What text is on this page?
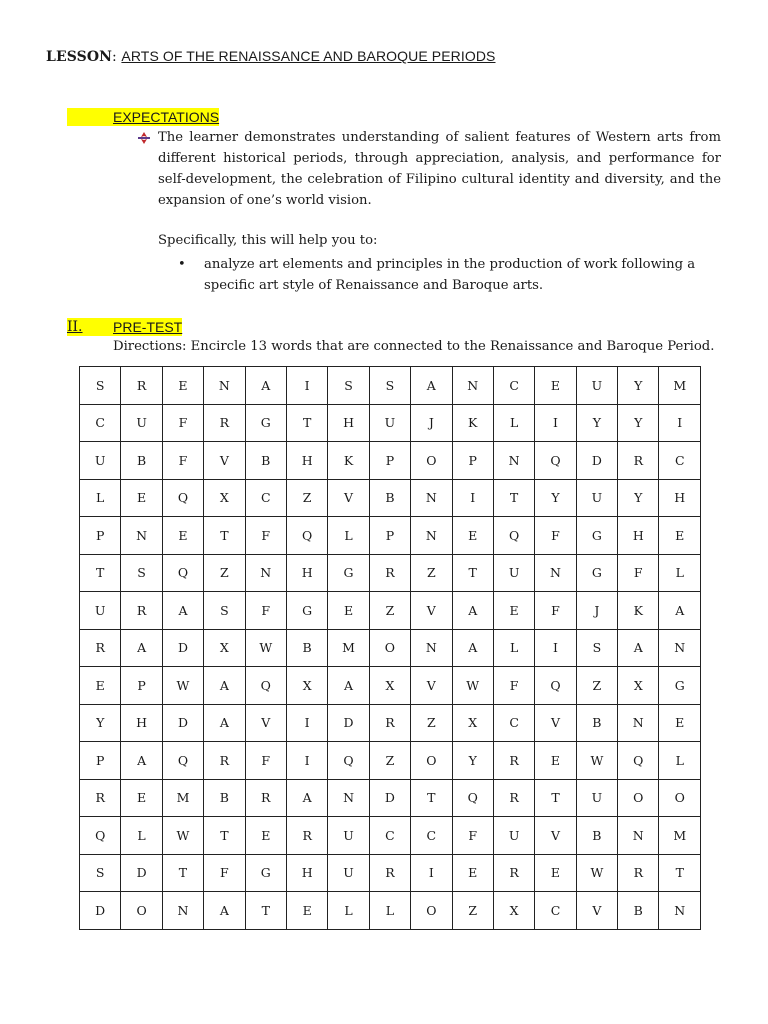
LESSON: ARTS OF THE RENAISSANCE AND BAROQUE PERIODS
EXPECTATIONS
The learner demonstrates understanding of salient features of Western arts from different historical periods, through appreciation, analysis, and performance for self-development, the celebration of Filipino cultural identity and diversity, and the expansion of one’s world vision.
Specifically, this will help you to:
•	analyze art elements and principles in the production of work following a specific art style of Renaissance and Baroque arts.
II.	PRE-TEST
Directions: Encircle 13 words that are connected to the Renaissance and Baroque Period.
S	R	E	N	A	I	S	S	A	N	C	E	U	Y	M
C	U	F	R	G	T	H	U	J	K	L	I	Y	Y	I
U	B	F	V	B	H	K	P	O	P	N	Q	D	R	C
L	E	Q	X	C	Z	V	B	N	I	T	Y	U	Y	H
P	N	E	T	F	Q	L	P	N	E	Q	F	G	H	E
T	S	Q	Z	N	H	G	R	Z	T	U	N	G	F	L
U	R	A	S	F	G	E	Z	V	A	E	F	J	K	A
R	A	D	X	W	B	M	O	N	A	L	I	S	A	N
E	P	W	A	Q	X	A	X	V	W	F	Q	Z	X	G
Y	H	D	A	V	I	D	R	Z	X	C	V	B	N	E
P	A	Q	R	F	I	Q	Z	O	Y	R	E	W	Q	L
R	E	M	B	R	A	N	D	T	Q	R	T	U	O	O
Q	L	W	T	E	R	U	C	C	F	U	V	B	N	M
S	D	T	F	G	H	U	R	I	E	R	E	W	R	T
D	O	N	A	T	E	L	L	O	Z	X	C	V	B	N
